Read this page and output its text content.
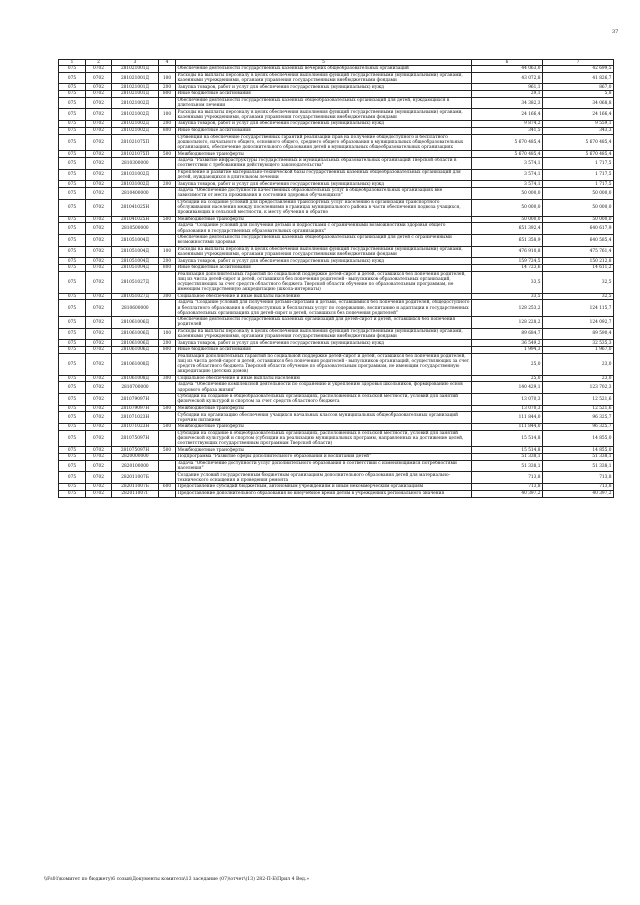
37
1	2	3	4	5	6	7
075	0702	281021001Д		Обеспечение деятельности государственных казенных вечерних общеобразовательных организаций	44 063,0	42 699,5
075	0702	281021001Д	100	Расходы на выплаты персоналу в целях обеспечения выполнения функций государственными (муниципальными) органами, казенными учреждениями, органами управления государственными внебюджетными фондами	43 072,8	41 826,7
075	0702	281021001Д	200	Закупка товаров, работ и услуг для обеспечения государственных (муниципальных) нужд	961,1	867,0
075	0702	281021001Д	800	Иные бюджетные ассигнования	29,1	5,8
075	0702	281021002Д		Обеспечение деятельности государственных казенных общеобразовательных организаций для детей, нуждающихся в длительном лечении	34 382,3	34 068,8
075	0702	281021002Д	100	Расходы на выплаты персоналу в целях обеспечения выполнения функций государственными (муниципальными) органами, казенными учреждениями, органами управления государственными внебюджетными фондами	24 166,4	24 166,4
075	0702	281021002Д	200	Закупка товаров, работ и услуг для обеспечения государственных (муниципальных) нужд	9 874,2	9 559,1
075	0702	281021002Д	800	Иные бюджетные ассигнования	341,5	343,3
075	0702	281021075П		Субвенции на обеспечение государственных гарантий реализации прав на получение общедоступного и бесплатного дошкольного, начального общего, основного общего, среднего общего образования в муниципальных общеобразовательных организациях, обеспечение дополнительного образования детей в муниципальных общеобразовательных организациях	5 670 485,4	5 670 485,4
075	0702	281021075П	500	Межбюджетные трансферты	5 670 485,4	5 670 485,4
075	0702	2810300000		Задача "Развитие инфраструктуры государственных и муниципальных образовательных организаций Тверской области в соответствии с требованиями действующего законодательства"	3 574,1	1 717,5
075	0702	281031002Д		Укрепление и развитие материально-технической базы государственных казенных общеобразовательных организаций для детей, нуждающихся в длительном лечении	3 574,1	1 717,5
075	0702	281031002Д	200	Закупка товаров, работ и услуг для обеспечения государственных (муниципальных) нужд	3 574,1	1 717,5
075	0702	2810400000		Задача "Обеспечение доступности качественных образовательных услуг в общеобразовательных организациях вне зависимости от места проживания и состояния здоровья обучающихся"	50 000,0	50 000,0
075	0702	281041025Н		Субсидии на создание условий для предоставления транспортных услуг населению в организации транспортного обслуживания населения между поселениями в границах муниципального района в части обеспечения подвоза учащихся, проживающих в сельской местности, к месту обучения и обратно	50 000,0	50 000,0
075	0702	281041025Н	500	Межбюджетные трансферты	50 000,0	50 000,0
075	0702	2810500000		Задача "Создание условий для получения детьми и подростками с ограниченными возможностями здоровья общего образования в государственных образовательных организациях"	651 392,4	640 617,9
075	0702	281051004Д		Обеспечение деятельности государственных казенных общеобразовательных организаций для детей с ограниченными возможностями здоровья	651 358,9	640 585,4
075	0702	281051004Д	100	Расходы на выплаты персоналу в целях обеспечения выполнения функций государственными (муниципальными) органами, казенными учреждениями, органами управления государственными внебюджетными фондами	476 910,8	475 761,4
075	0702	281051004Д	200	Закупка товаров, работ и услуг для обеспечения государственных (муниципальных) нужд	159 724,5	150 212,8
075	0702	281051004Д	800	Иные бюджетные ассигнования	14 723,6	14 611,2
075	0702	281051027Д		Реализация дополнительных гарантий по социальной поддержке детей-сирот и детей, оставшихся без попечения родителей, лиц из числа детей-сирот и детей, оставшихся без попечения родителей - выпускников образовательных организаций, осуществляющих за счет средств областного бюджета Тверской области обучение по образовательным программам, не имеющим государственную аккредитацию (школа-интернаты)	33,5	32,5
075	0702	281051027Д	300	Социальное обеспечение и иные выплаты населению	33,5	32,5
075	0702	2810600000		Задача "Создание условий для получения детьми-сиротами и детьми, оставшимися без попечения родителей, общедоступного и бесплатного образования в общедоступных и бесплатных услуг по содержанию, воспитанию и адаптации в государственных образовательных организациях для детей-сирот и детей, оставшихся без попечения родителей"	128 253,2	124 115,7
075	0702	281061006Д		Обеспечение деятельности государственных казенных организаций для детей-сирот и детей, оставшихся без попечения родителей	128 228,2	124 092,7
075	0702	281061006Д	100	Расходы на выплаты персоналу в целях обеспечения выполнения функций государственными (муниципальными) органами, казенными учреждениями, органами управления государственными внебюджетными фондами	89 684,7	89 590,4
075	0702	281061006Д	200	Закупка товаров, работ и услуг для обеспечения государственных (муниципальных) нужд	36 549,2	32 535,3
075	0702	281061006Д	800	Иные бюджетные ассигнования	1 994,3	1 967,0
075	0702	281061008Д		Реализация дополнительных гарантий по социальной поддержке детей-сирот и детей, оставшихся без попечения родителей, лиц из числа детей-сирот и детей, оставшихся без попечения родителей - выпускников организаций, осуществляющих за счет средств областного бюджета Тверской области обучение по образовательным программам, не имеющим государственную аккредитацию (детских домов)	25,0	23,0
075	0702	281061008Д	300	Социальное обеспечение и иные выплаты населению	25,0	23,0
075	0702	2810700000		Задача "Обеспечение комплексной деятельности по сохранению и укреплению здоровья школьников, формированию основ здорового образа жизни"	140 429,1	123 702,3
075	0702	281079097Н		Субсидии на создание в общеобразовательных организациях, расположенных в сельской местности, условий для занятий физической культурой и спортом за счет средств областного бюджета	13 070,3	12 521,6
075	0702	281079097Н	500	Межбюджетные трансферты	13 070,3	12 521,6
075	0702	281071023Н		Субсидии на организацию обеспечения учащихся начальных классов муниципальных общеобразовательных организаций горячим питанием	111 844,0	96 325,7
075	0702	281071023Н	500	Межбюджетные трансферты	111 844,0	96 325,7
075	0702	281075097Н		Субсидии на создание в общеобразовательных организациях, расположенных в сельской местности, условий для занятий физической культурой и спортом (субсидии на реализацию муниципальных программ, направленных на достижение целей, соответствующих государственным программам Тверской области)	15 514,8	14 855,0
075	0702	281075097Н	500	Межбюджетные трансферты	15 514,8	14 855,0
075	0702	2820000000		Подпрограмма "Развитие сферы дополнительного образования и воспитания детей"	51 338,1	51 338,1
075	0702	2820100000		Задача "Обеспечение доступности услуг дополнительного образования в соответствии с изменяющимися потребностями населения"	51 338,1	51 338,1
075	0702	282011007Б		Создание условий государственным бюджетным организациям дополнительного образования детей для материально-технического оснащения и проведения ремонта	713,8	713,8
075	0702	282011007Б	600	Предоставление субсидий бюджетным, автономным учреждениям и иным некоммерческим организациям	713,8	713,8
075	0702	282011007Г		Предоставление дополнительного образования во внеучебное время детям в учреждениях регионального значения	40 397,2	40 397,2
\\Fs01\комитет по бюджету\6 созыв\Документы комитета\13 заседание (07)\отчет\(13) 282-П-Б\Прил 4 Вед.»
